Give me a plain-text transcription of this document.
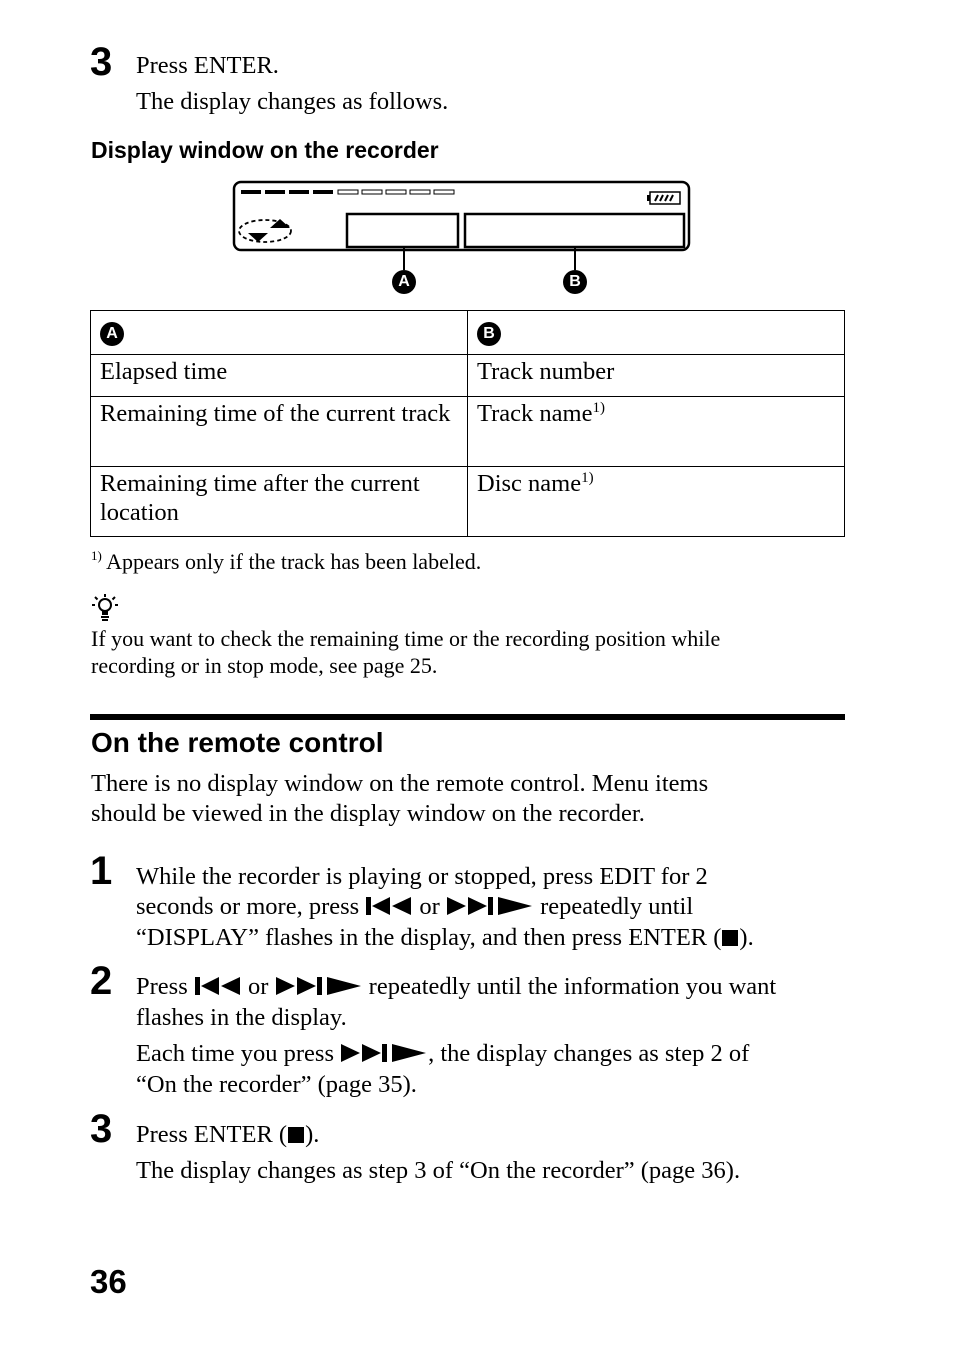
3 Press ENTER.
The display changes as follows.
Display window on the recorder
A	B
A	B
Elapsed time	Track number
Remaining time of the current track	Track name$^{1)}$
Remaining time after the current location	Disc name$^{1)}$
$^{1)}$ Appears only if the track has been labeled.
If you want to check the remaining time or the recording position while
recording or in stop mode, see page 25.
On the remote control
There is no display window on the remote control. Menu items
should be viewed in the display window on the recorder.
1 While the recorder is playing or stopped, press EDIT for 2
seconds or more, press or	repeatedly until
“DISPLAY” flashes in the display, and then press ENTER ( ).
2 Press or	repeatedly until the information you want
flashes in the display.
Each time you press	, the display changes as step 2 of
“On the recorder” (page 35).
3 Press ENTER ( ).
The display changes as step 3 of “On the recorder” (page 36).
36
